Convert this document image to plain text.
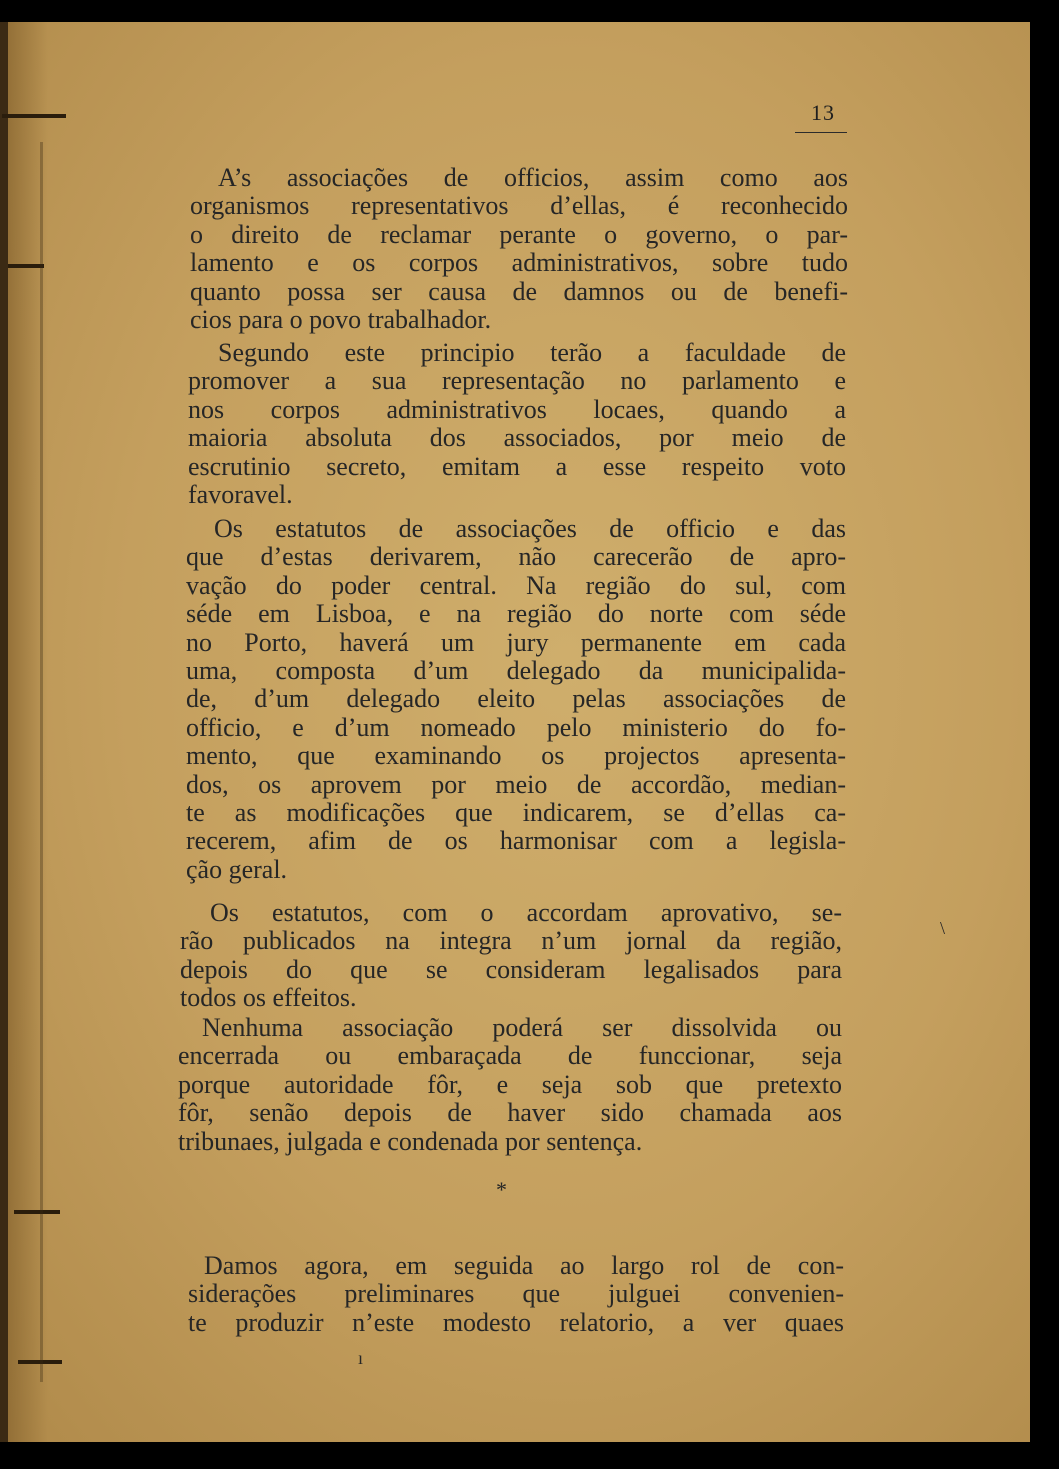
13

A’s associações de officios, assim como aos
organismos representativos d’ellas, é reconhecido
o direito de reclamar perante o governo, o par-
lamento e os corpos administrativos, sobre tudo
quanto possa ser causa de damnos ou de benefi-
cios para o povo trabalhador.

Segundo este principio terão a faculdade de
promover a sua representação no parlamento e
nos corpos administrativos locaes, quando a
maioria absoluta dos associados, por meio de
escrutinio secreto, emitam a esse respeito voto
favoravel.

Os estatutos de associações de officio e das
que d’estas derivarem, não carecerão de apro-
vação do poder central. Na região do sul, com
séde em Lisboa, e na região do norte com séde
no Porto, haverá um jury permanente em cada
uma, composta d’um delegado da municipalida-
de, d’um delegado eleito pelas associações de
officio, e d’um nomeado pelo ministerio do fo-
mento, que examinando os projectos apresenta-
dos, os aprovem por meio de accordão, median-
te as modificações que indicarem, se d’ellas ca-
recerem, afim de os harmonisar com a legisla-
ção geral.

Os estatutos, com o accordam aprovativo, se-
rão publicados na integra n’um jornal da região,
depois do que se consideram legalisados para
todos os effeitos.

Nenhuma associação poderá ser dissolvida ou
encerrada ou embaraçada de funccionar, seja
porque autoridade fôr, e seja sob que pretexto
fôr, senão depois de haver sido chamada aos
tribunaes, julgada e condenada por sentença.

*

Damos agora, em seguida ao largo rol de con-
siderações preliminares que julguei convenien-
te produzir n’este modesto relatorio, a ver quaes

ı
\
